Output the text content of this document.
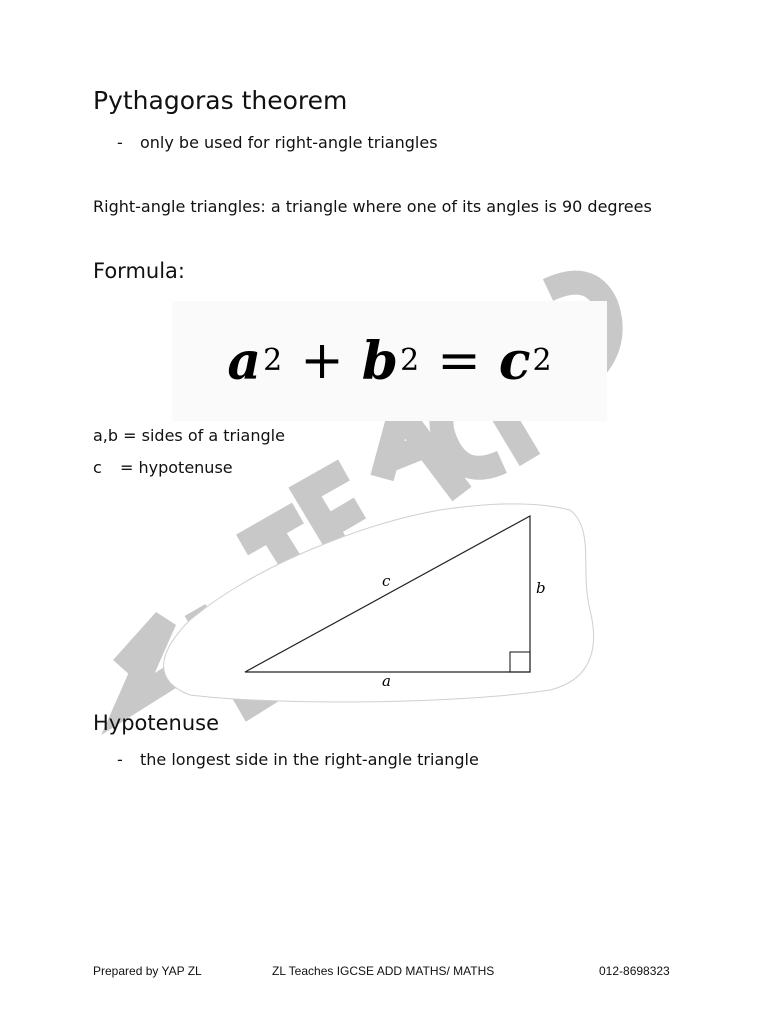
Pythagoras theorem
- only be used for right-angle triangles
Right-angle triangles: a triangle where one of its angles is 90 degrees
Formula:
a 2 + b 2 = c 2
a,b = sides of a triangle
c = hypotenuse
c	b
a
Hypotenuse
- the longest side in the right-angle triangle
Prepared by YAP ZL	ZL Teaches IGCSE ADD MATHS/ MATHS	012-8698323
